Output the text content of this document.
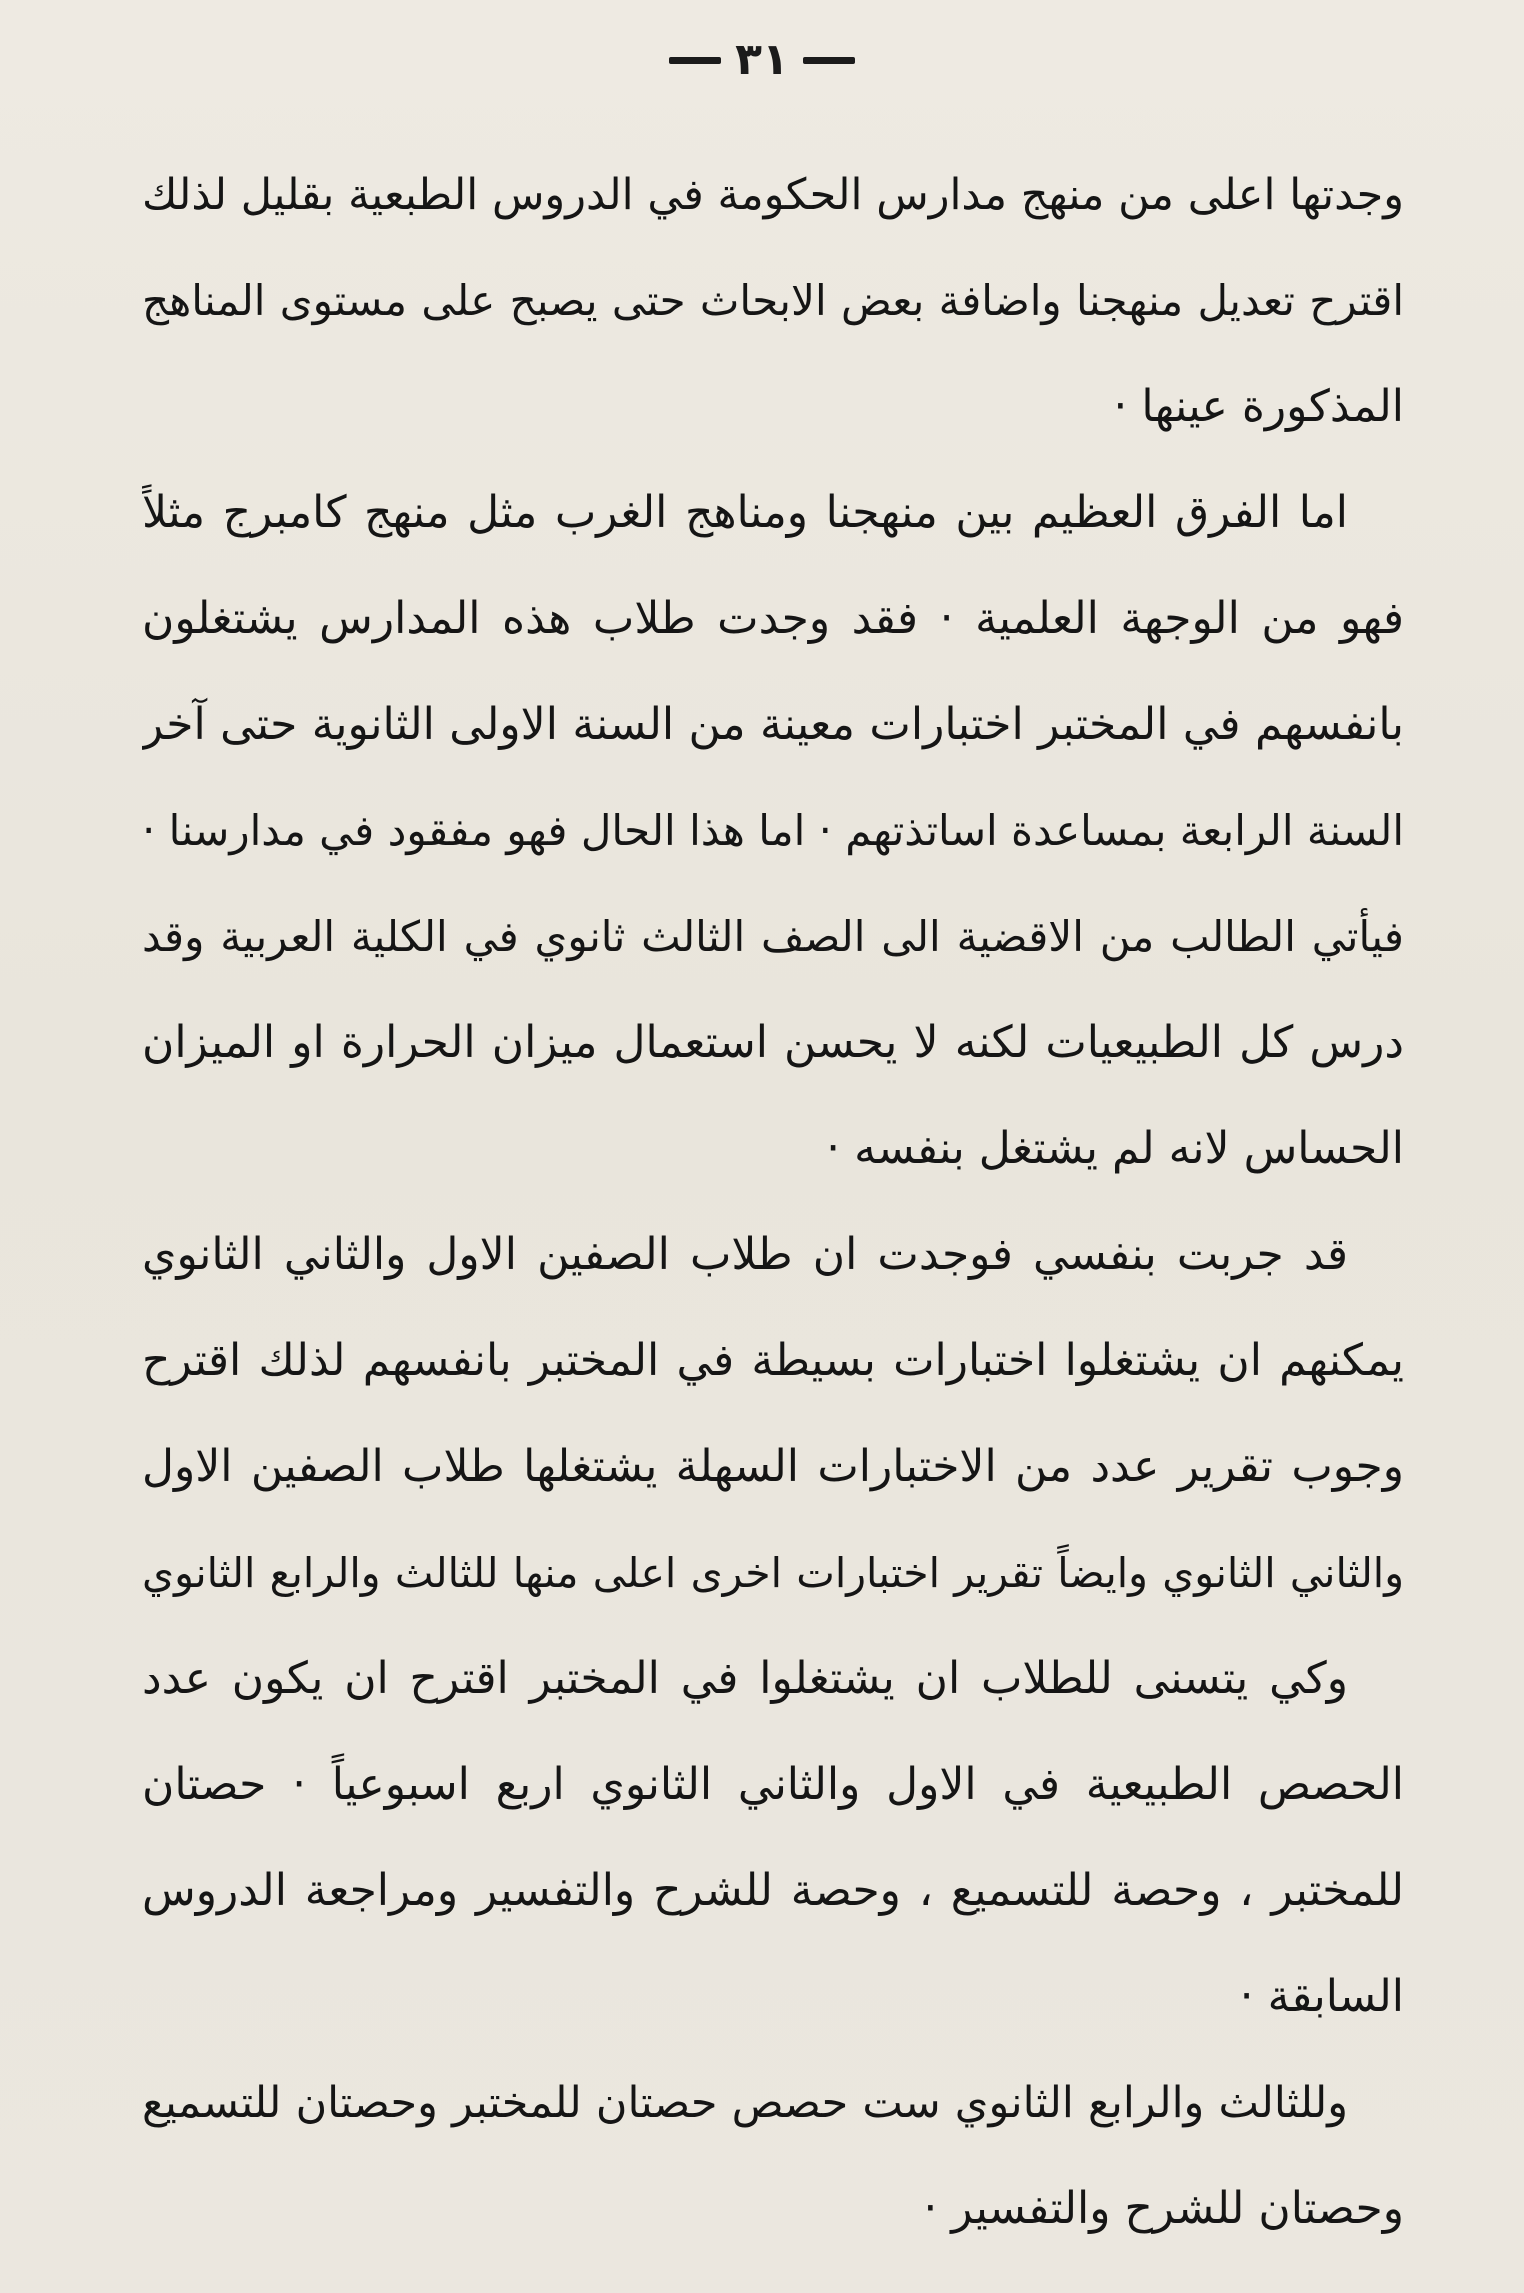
٣١
وجدتها اعلى من منهج مدارس الحكومة في الدروس الطبعية بقليل لذلك
اقترح تعديل منهجنا واضافة بعض الابحاث حتى يصبح على مستوى المناهج
المذكورة عينها ·
اما الفرق العظيم بين منهجنا ومناهج الغرب مثل منهج كامبرج مثلاً
فهو من الوجهة العلمية · فقد وجدت طلاب هذه المدارس يشتغلون
بانفسهم في المختبر اختبارات معينة من السنة الاولى الثانوية حتى آخر
السنة الرابعة بمساعدة اساتذتهم · اما هذا الحال فهو مفقود في مدارسنا ·
فيأتي الطالب من الاقضية الى الصف الثالث ثانوي في الكلية العربية وقد
درس كل الطبيعيات لكنه لا يحسن استعمال ميزان الحرارة او الميزان
الحساس لانه لم يشتغل بنفسه ·
قد جربت بنفسي فوجدت ان طلاب الصفين الاول والثاني الثانوي
يمكنهم ان يشتغلوا اختبارات بسيطة في المختبر بانفسهم لذلك اقترح
وجوب تقرير عدد من الاختبارات السهلة يشتغلها طلاب الصفين الاول
والثاني الثانوي وايضاً تقرير اختبارات اخرى اعلى منها للثالث والرابع الثانوي
وكي يتسنى للطلاب ان يشتغلوا في المختبر اقترح ان يكون عدد
الحصص الطبيعية في الاول والثاني الثانوي اربع اسبوعياً · حصتان
للمختبر ، وحصة للتسميع ، وحصة للشرح والتفسير ومراجعة الدروس
السابقة ·
وللثالث والرابع الثانوي ست حصص حصتان للمختبر وحصتان للتسميع
وحصتان للشرح والتفسير ·
